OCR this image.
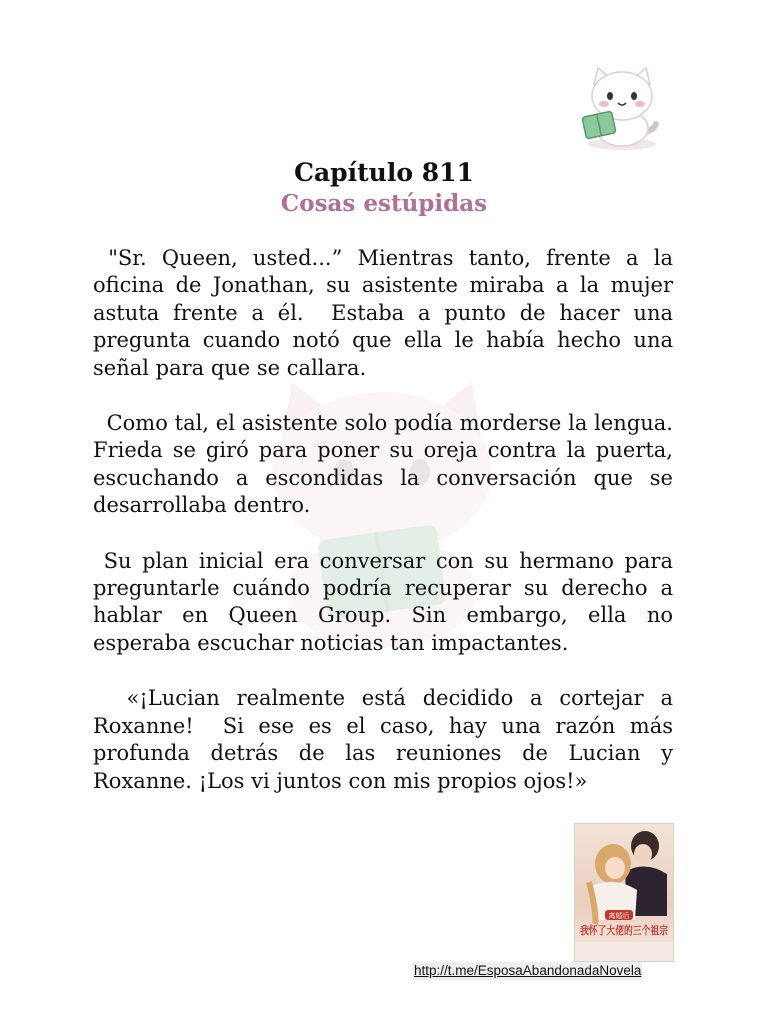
Capítulo 811
Cosas estúpidas

"Sr. Queen, usted...” Mientras tanto, frente a la oficina de Jonathan, su asistente miraba a la mujer astuta frente a él.  Estaba a punto de hacer una pregunta cuando notó que ella le había hecho una señal para que se callara.

Como tal, el asistente solo podía morderse la lengua. Frieda se giró para poner su oreja contra la puerta, escuchando a escondidas la conversación que se desarrollaba dentro.

Su plan inicial era conversar con su hermano para preguntarle cuándo podría recuperar su derecho a hablar en Queen Group. Sin embargo, ella no esperaba escuchar noticias tan impactantes.

«¡Lucian realmente está decidido a cortejar a Roxanne!  Si ese es el caso, hay una razón más profunda detrás de las reuniones de Lucian y Roxanne. ¡Los vi juntos con mis propios ojos!»

离婚后
我怀了大佬的三个祖宗
http://t.me/EsposaAbandonadaNovela
